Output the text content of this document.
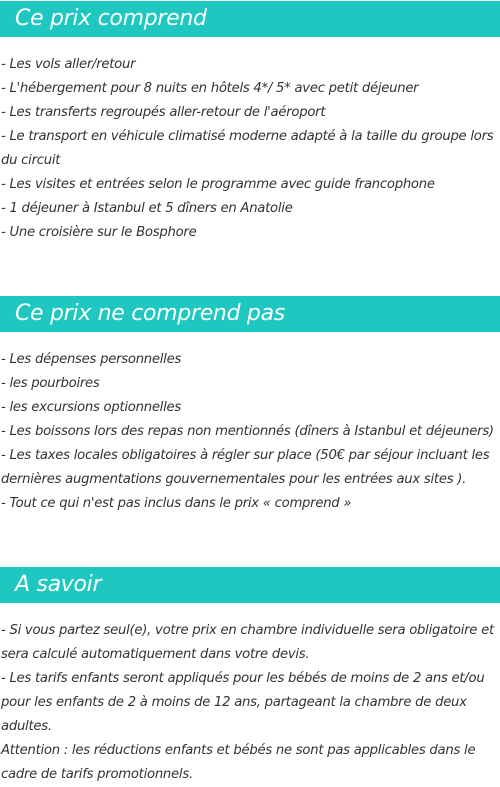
Ce prix comprend
- Les vols aller/retour
- L'hébergement pour 8 nuits en hôtels 4*/ 5* avec petit déjeuner
- Les transferts regroupés aller-retour de l'aéroport
- Le transport en véhicule climatisé moderne adapté à la taille du groupe lors du circuit
- Les visites et entrées selon le programme avec guide francophone
- 1 déjeuner à Istanbul et 5 dîners en Anatolie
- Une croisière sur le Bosphore
Ce prix ne comprend pas
- Les dépenses personnelles
- les pourboires
- les excursions optionnelles
- Les boissons lors des repas non mentionnés (dîners à Istanbul et déjeuners)
- Les taxes locales obligatoires à régler sur place (50€ par séjour incluant les dernières augmentations gouvernementales pour les entrées aux sites ).
- Tout ce qui n'est pas inclus dans le prix « comprend »
A savoir
- Si vous partez seul(e), votre prix en chambre individuelle sera obligatoire et sera calculé automatiquement dans votre devis.
- Les tarifs enfants seront appliqués pour les bébés de moins de 2 ans et/ou pour les enfants de 2 à moins de 12 ans, partageant la chambre de deux adultes.
Attention : les réductions enfants et bébés ne sont pas applicables dans le cadre de tarifs promotionnels.
